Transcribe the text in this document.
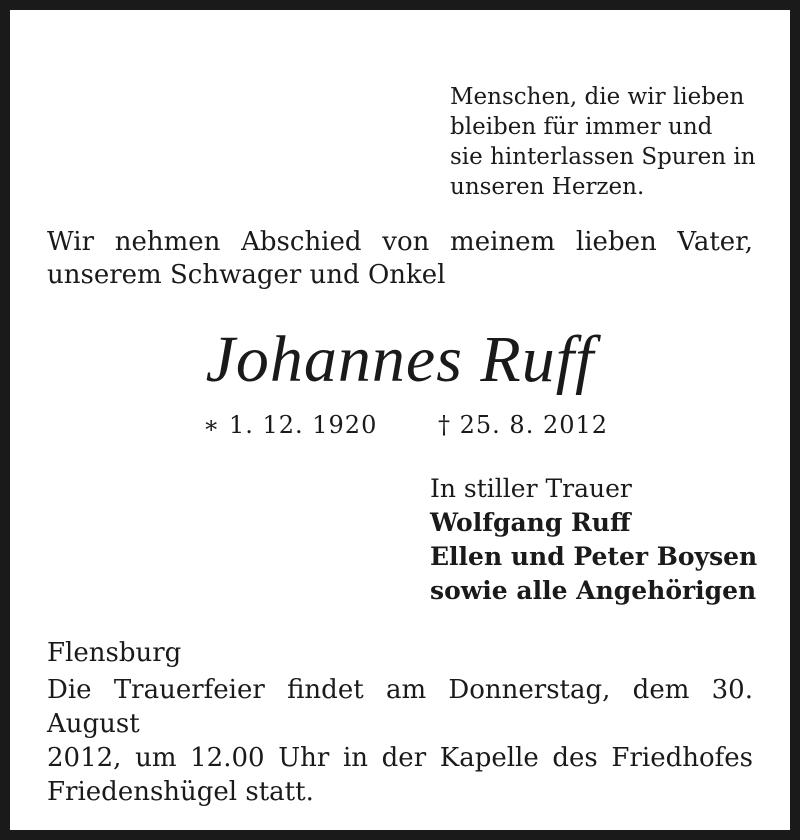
Menschen, die wir lieben
bleiben für immer und
sie hinterlassen Spuren in
unseren Herzen.
Wir nehmen Abschied von meinem lieben Vater,
unserem Schwager und Onkel
Johannes Ruff
∗ 1. 12. 1920	† 25. 8. 2012
In stiller Trauer
Wolfgang Ruff
Ellen und Peter Boysen
sowie alle Angehörigen
Flensburg
Die Trauerfeier findet am Donnerstag, dem 30. August
2012, um 12.00 Uhr in der Kapelle des Friedhofes
Friedenshügel statt.
